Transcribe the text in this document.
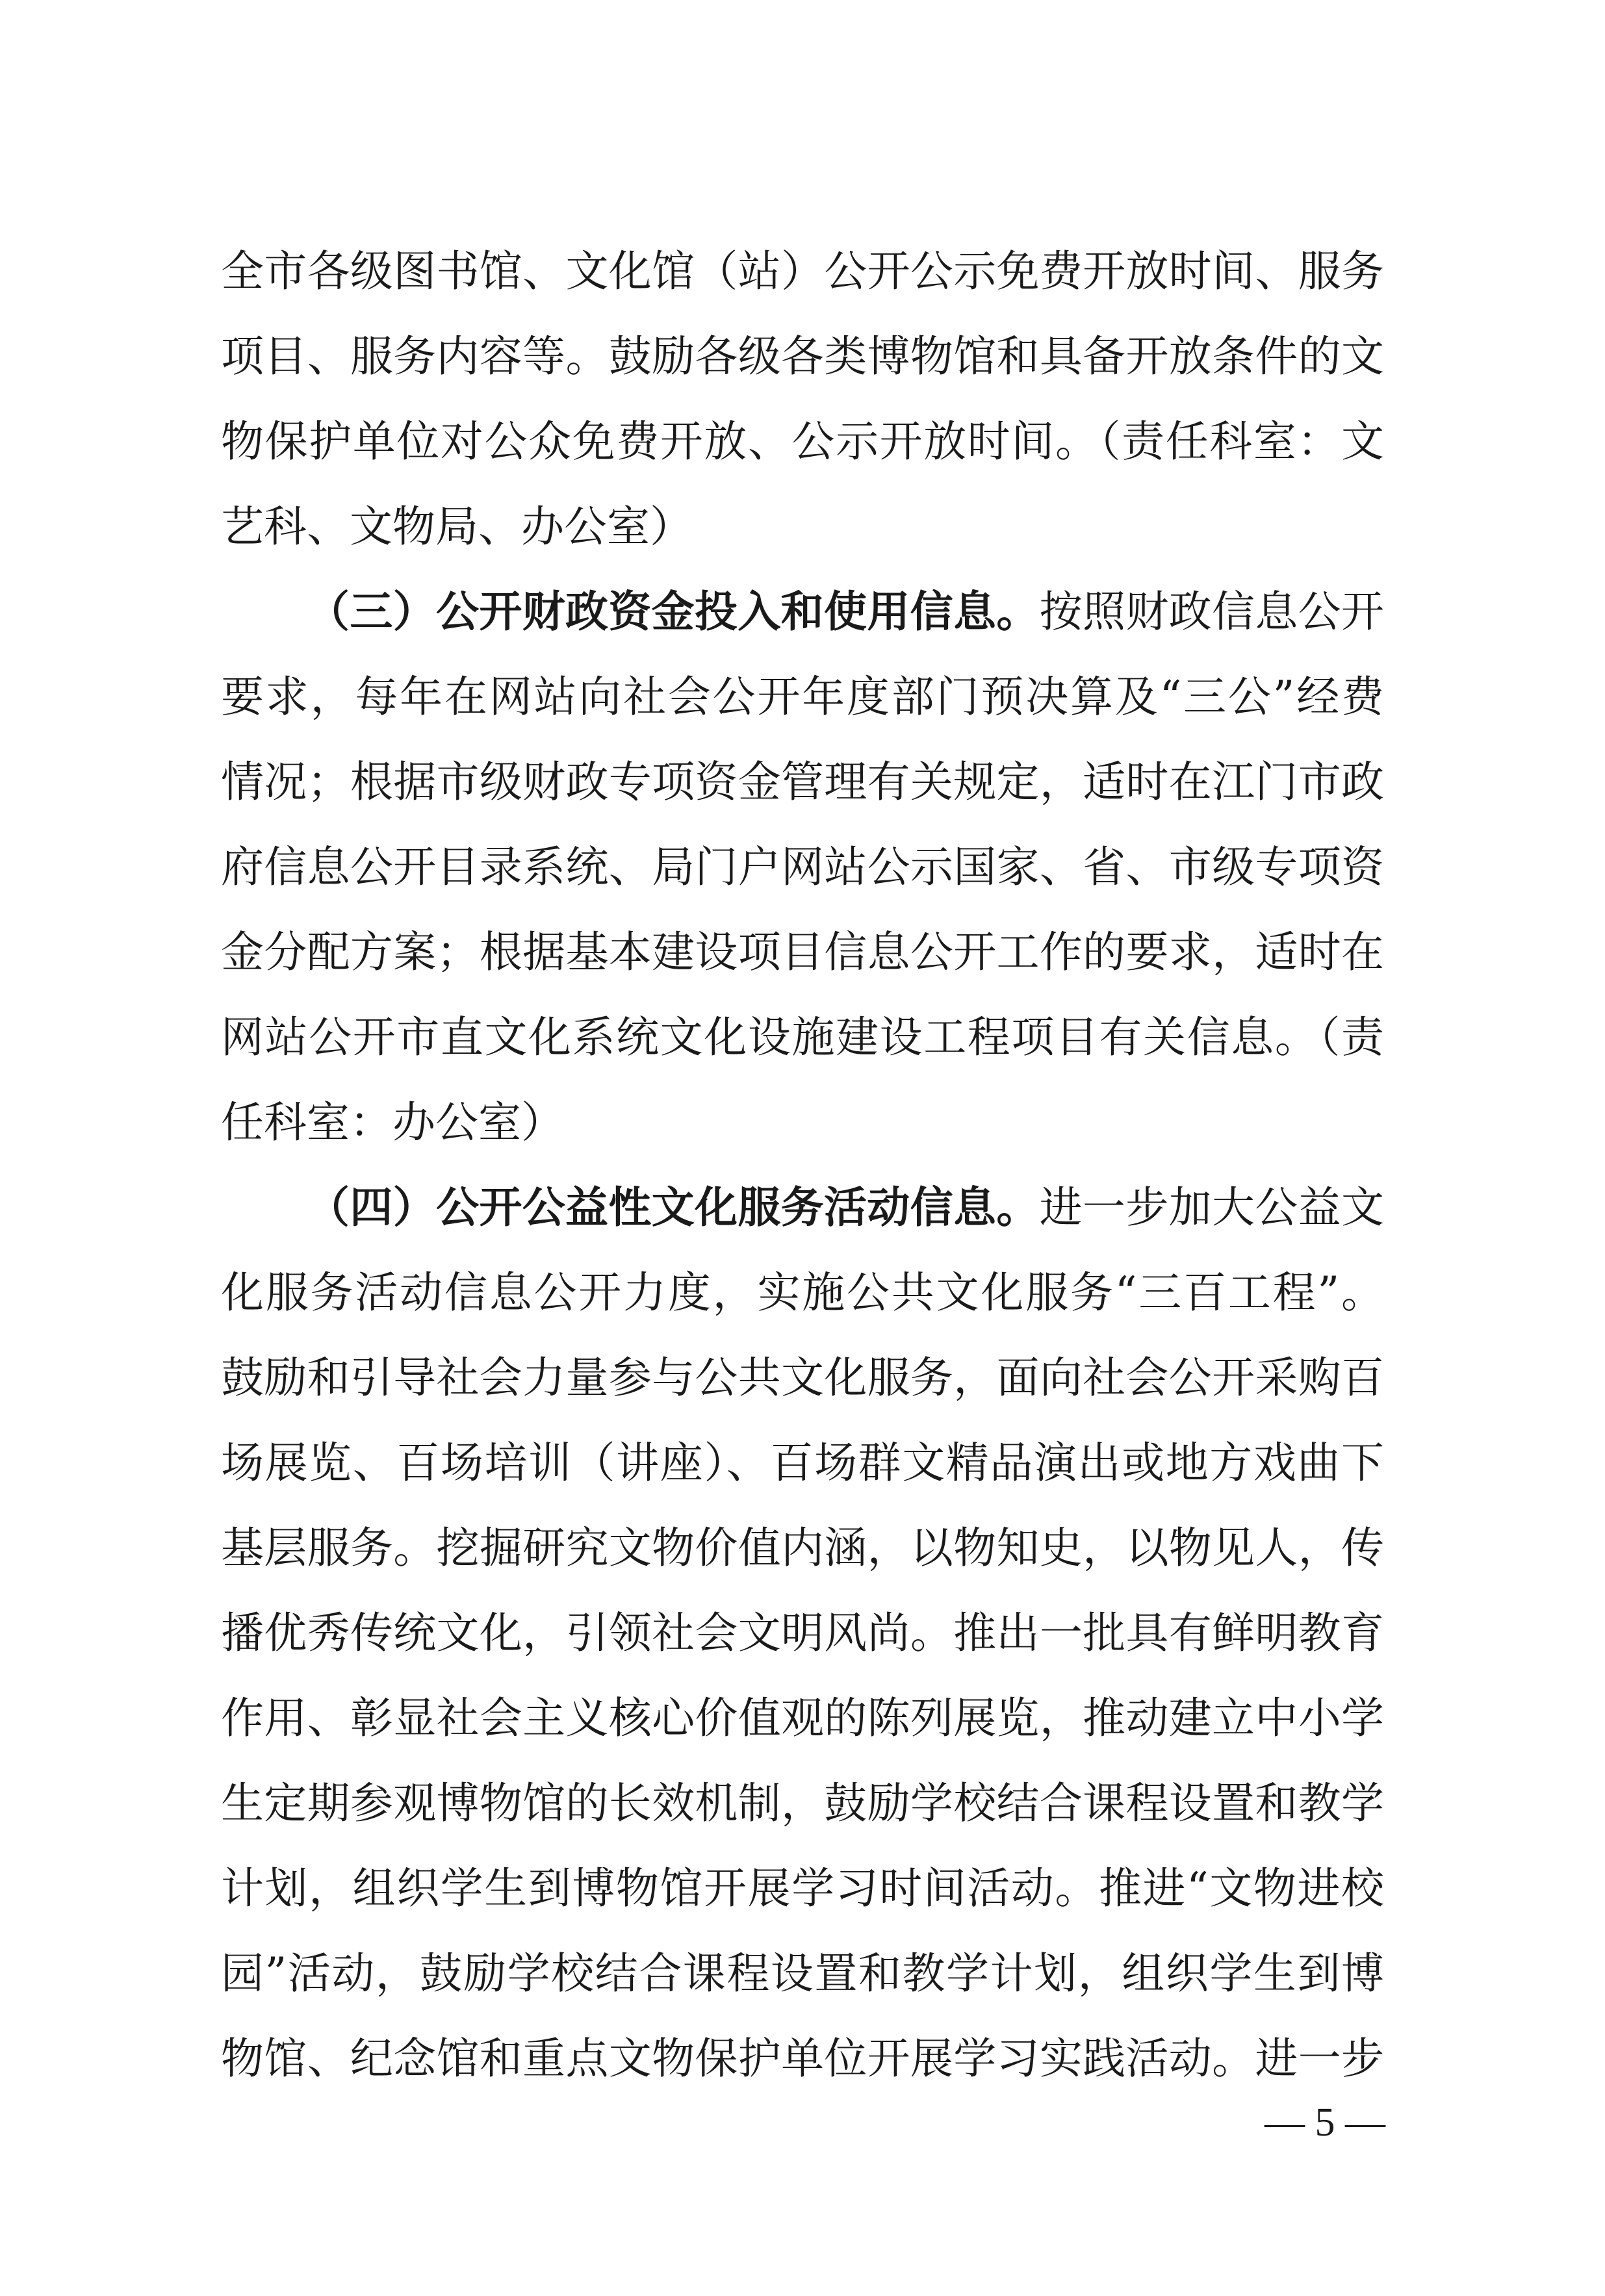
全市各级图书馆、文化馆（站）公开公示免费开放时间、服务
项目、服务内容等。鼓励各级各类博物馆和具备开放条件的文
物保护单位对公众免费开放、公示开放时间。（责任科室：文
艺科、文物局、办公室）
（三）公开财政资金投入和使用信息。按照财政信息公开
要求，每年在网站向社会公开年度部门预决算及“三公”经费
情况；根据市级财政专项资金管理有关规定，适时在江门市政
府信息公开目录系统、局门户网站公示国家、省、市级专项资
金分配方案；根据基本建设项目信息公开工作的要求，适时在
网站公开市直文化系统文化设施建设工程项目有关信息。（责
任科室：办公室）
（四）公开公益性文化服务活动信息。进一步加大公益文
化服务活动信息公开力度，实施公共文化服务“三百工程”。
鼓励和引导社会力量参与公共文化服务，面向社会公开采购百
场展览、百场培训（讲座）、百场群文精品演出或地方戏曲下
基层服务。挖掘研究文物价值内涵，以物知史，以物见人，传
播优秀传统文化，引领社会文明风尚。推出一批具有鲜明教育
作用、彰显社会主义核心价值观的陈列展览，推动建立中小学
生定期参观博物馆的长效机制，鼓励学校结合课程设置和教学
计划，组织学生到博物馆开展学习时间活动。推进“文物进校
园”活动，鼓励学校结合课程设置和教学计划，组织学生到博
物馆、纪念馆和重点文物保护单位开展学习实践活动。进一步
— 5 —
